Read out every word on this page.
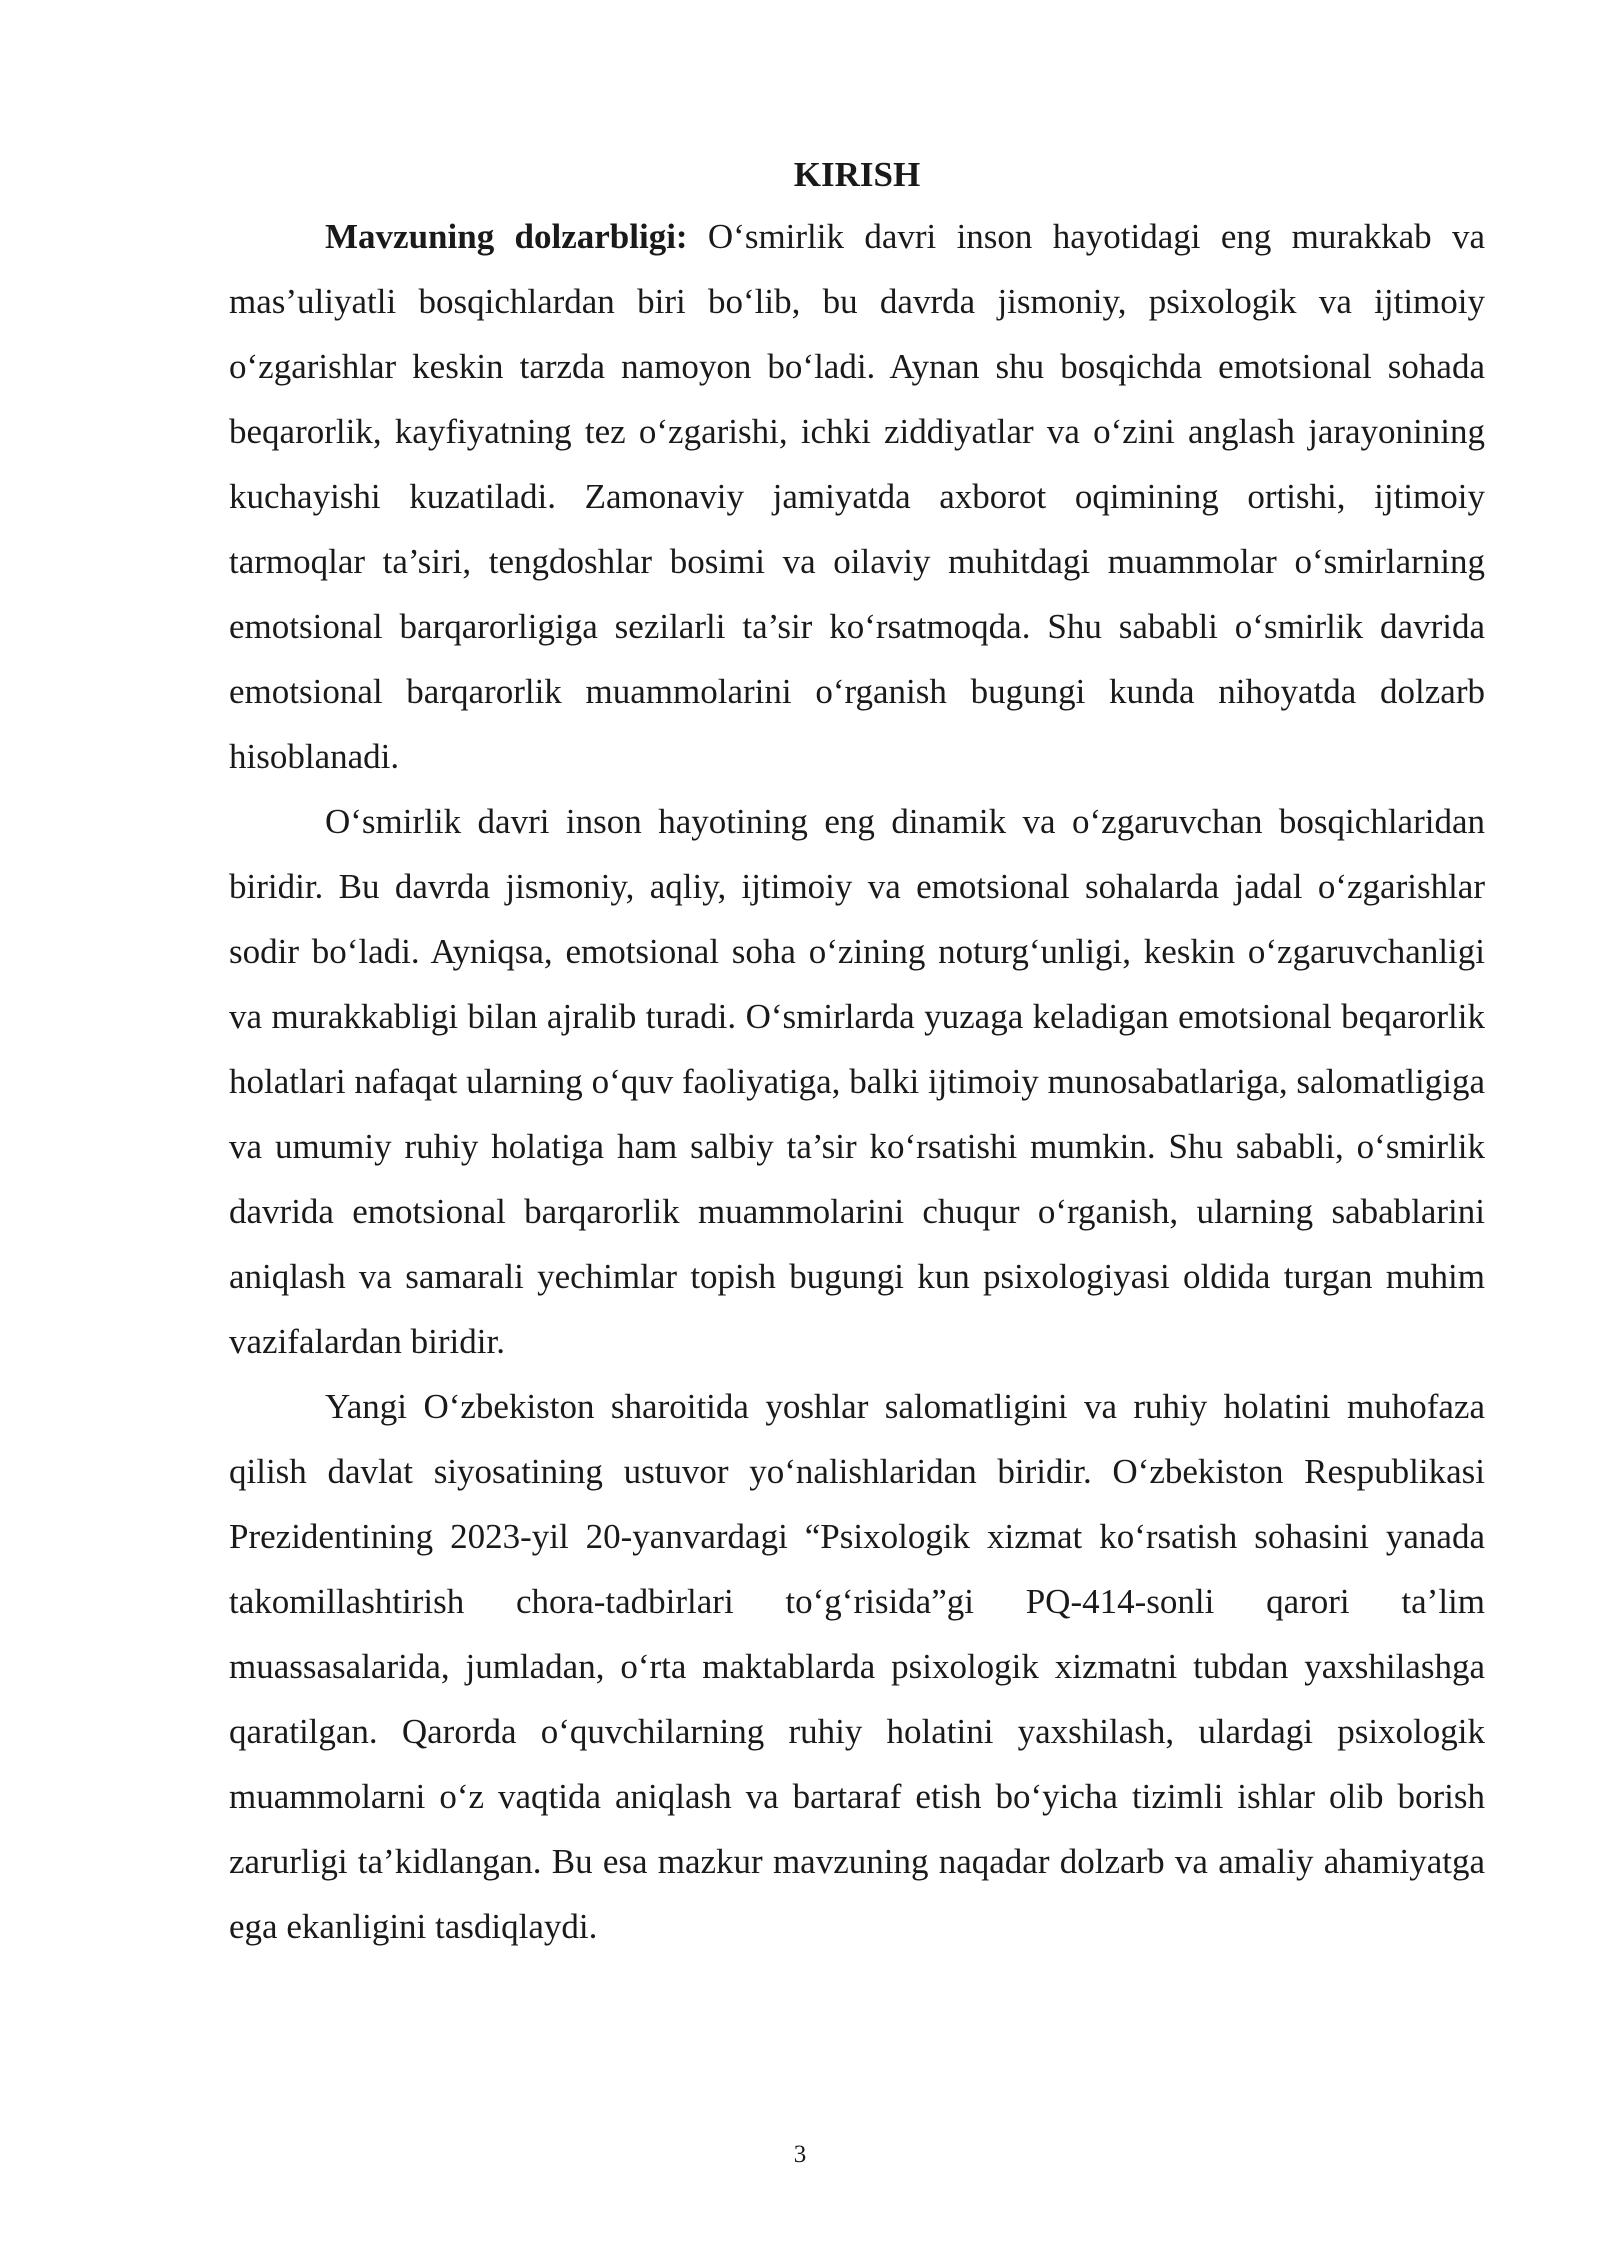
KIRISH

Mavzuning dolzarbligi: O‘smirlik davri inson hayotidagi eng murakkab va mas’uliyatli bosqichlardan biri bo‘lib, bu davrda jismoniy, psixologik va ijtimoiy o‘zgarishlar keskin tarzda namoyon bo‘ladi. Aynan shu bosqichda emotsional sohada beqarorlik, kayfiyatning tez o‘zgarishi, ichki ziddiyatlar va o‘zini anglash jarayonining kuchayishi kuzatiladi. Zamonaviy jamiyatda axborot oqimining ortishi, ijtimoiy tarmoqlar ta’siri, tengdoshlar bosimi va oilaviy muhitdagi muammolar o‘smirlarning emotsional barqarorligiga sezilarli ta’sir ko‘rsatmoqda. Shu sababli o‘smirlik davrida emotsional barqarorlik muammolarini o‘rganish bugungi kunda nihoyatda dolzarb hisoblanadi.

O‘smirlik davri inson hayotining eng dinamik va o‘zgaruvchan bosqichlaridan biridir. Bu davrda jismoniy, aqliy, ijtimoiy va emotsional sohalarda jadal o‘zgarishlar sodir bo‘ladi. Ayniqsa, emotsional soha o‘zining noturg‘unligi, keskin o‘zgaruvchanligi va murakkabligi bilan ajralib turadi. O‘smirlarda yuzaga keladigan emotsional beqarorlik holatlari nafaqat ularning o‘quv faoliyatiga, balki ijtimoiy munosabatlariga, salomatligiga va umumiy ruhiy holatiga ham salbiy ta’sir ko‘rsatishi mumkin. Shu sababli, o‘smirlik davrida emotsional barqarorlik muammolarini chuqur o‘rganish, ularning sabablarini aniqlash va samarali yechimlar topish bugungi kun psixologiyasi oldida turgan muhim vazifalardan biridir.

Yangi O‘zbekiston sharoitida yoshlar salomatligini va ruhiy holatini muhofaza qilish davlat siyosatining ustuvor yo‘nalishlaridan biridir. O‘zbekiston Respublikasi Prezidentining 2023-yil 20-yanvardagi “Psixologik xizmat ko‘rsatish sohasini yanada takomillashtirish chora-tadbirlari to‘g‘risida”gi PQ-414-sonli qarori ta’lim muassasalarida, jumladan, o‘rta maktablarda psixologik xizmatni tubdan yaxshilashga qaratilgan. Qarorda o‘quvchilarning ruhiy holatini yaxshilash, ulardagi psixologik muammolarni o‘z vaqtida aniqlash va bartaraf etish bo‘yicha tizimli ishlar olib borish zarurligi ta’kidlangan. Bu esa mazkur mavzuning naqadar dolzarb va amaliy ahamiyatga ega ekanligini tasdiqlaydi.

3
